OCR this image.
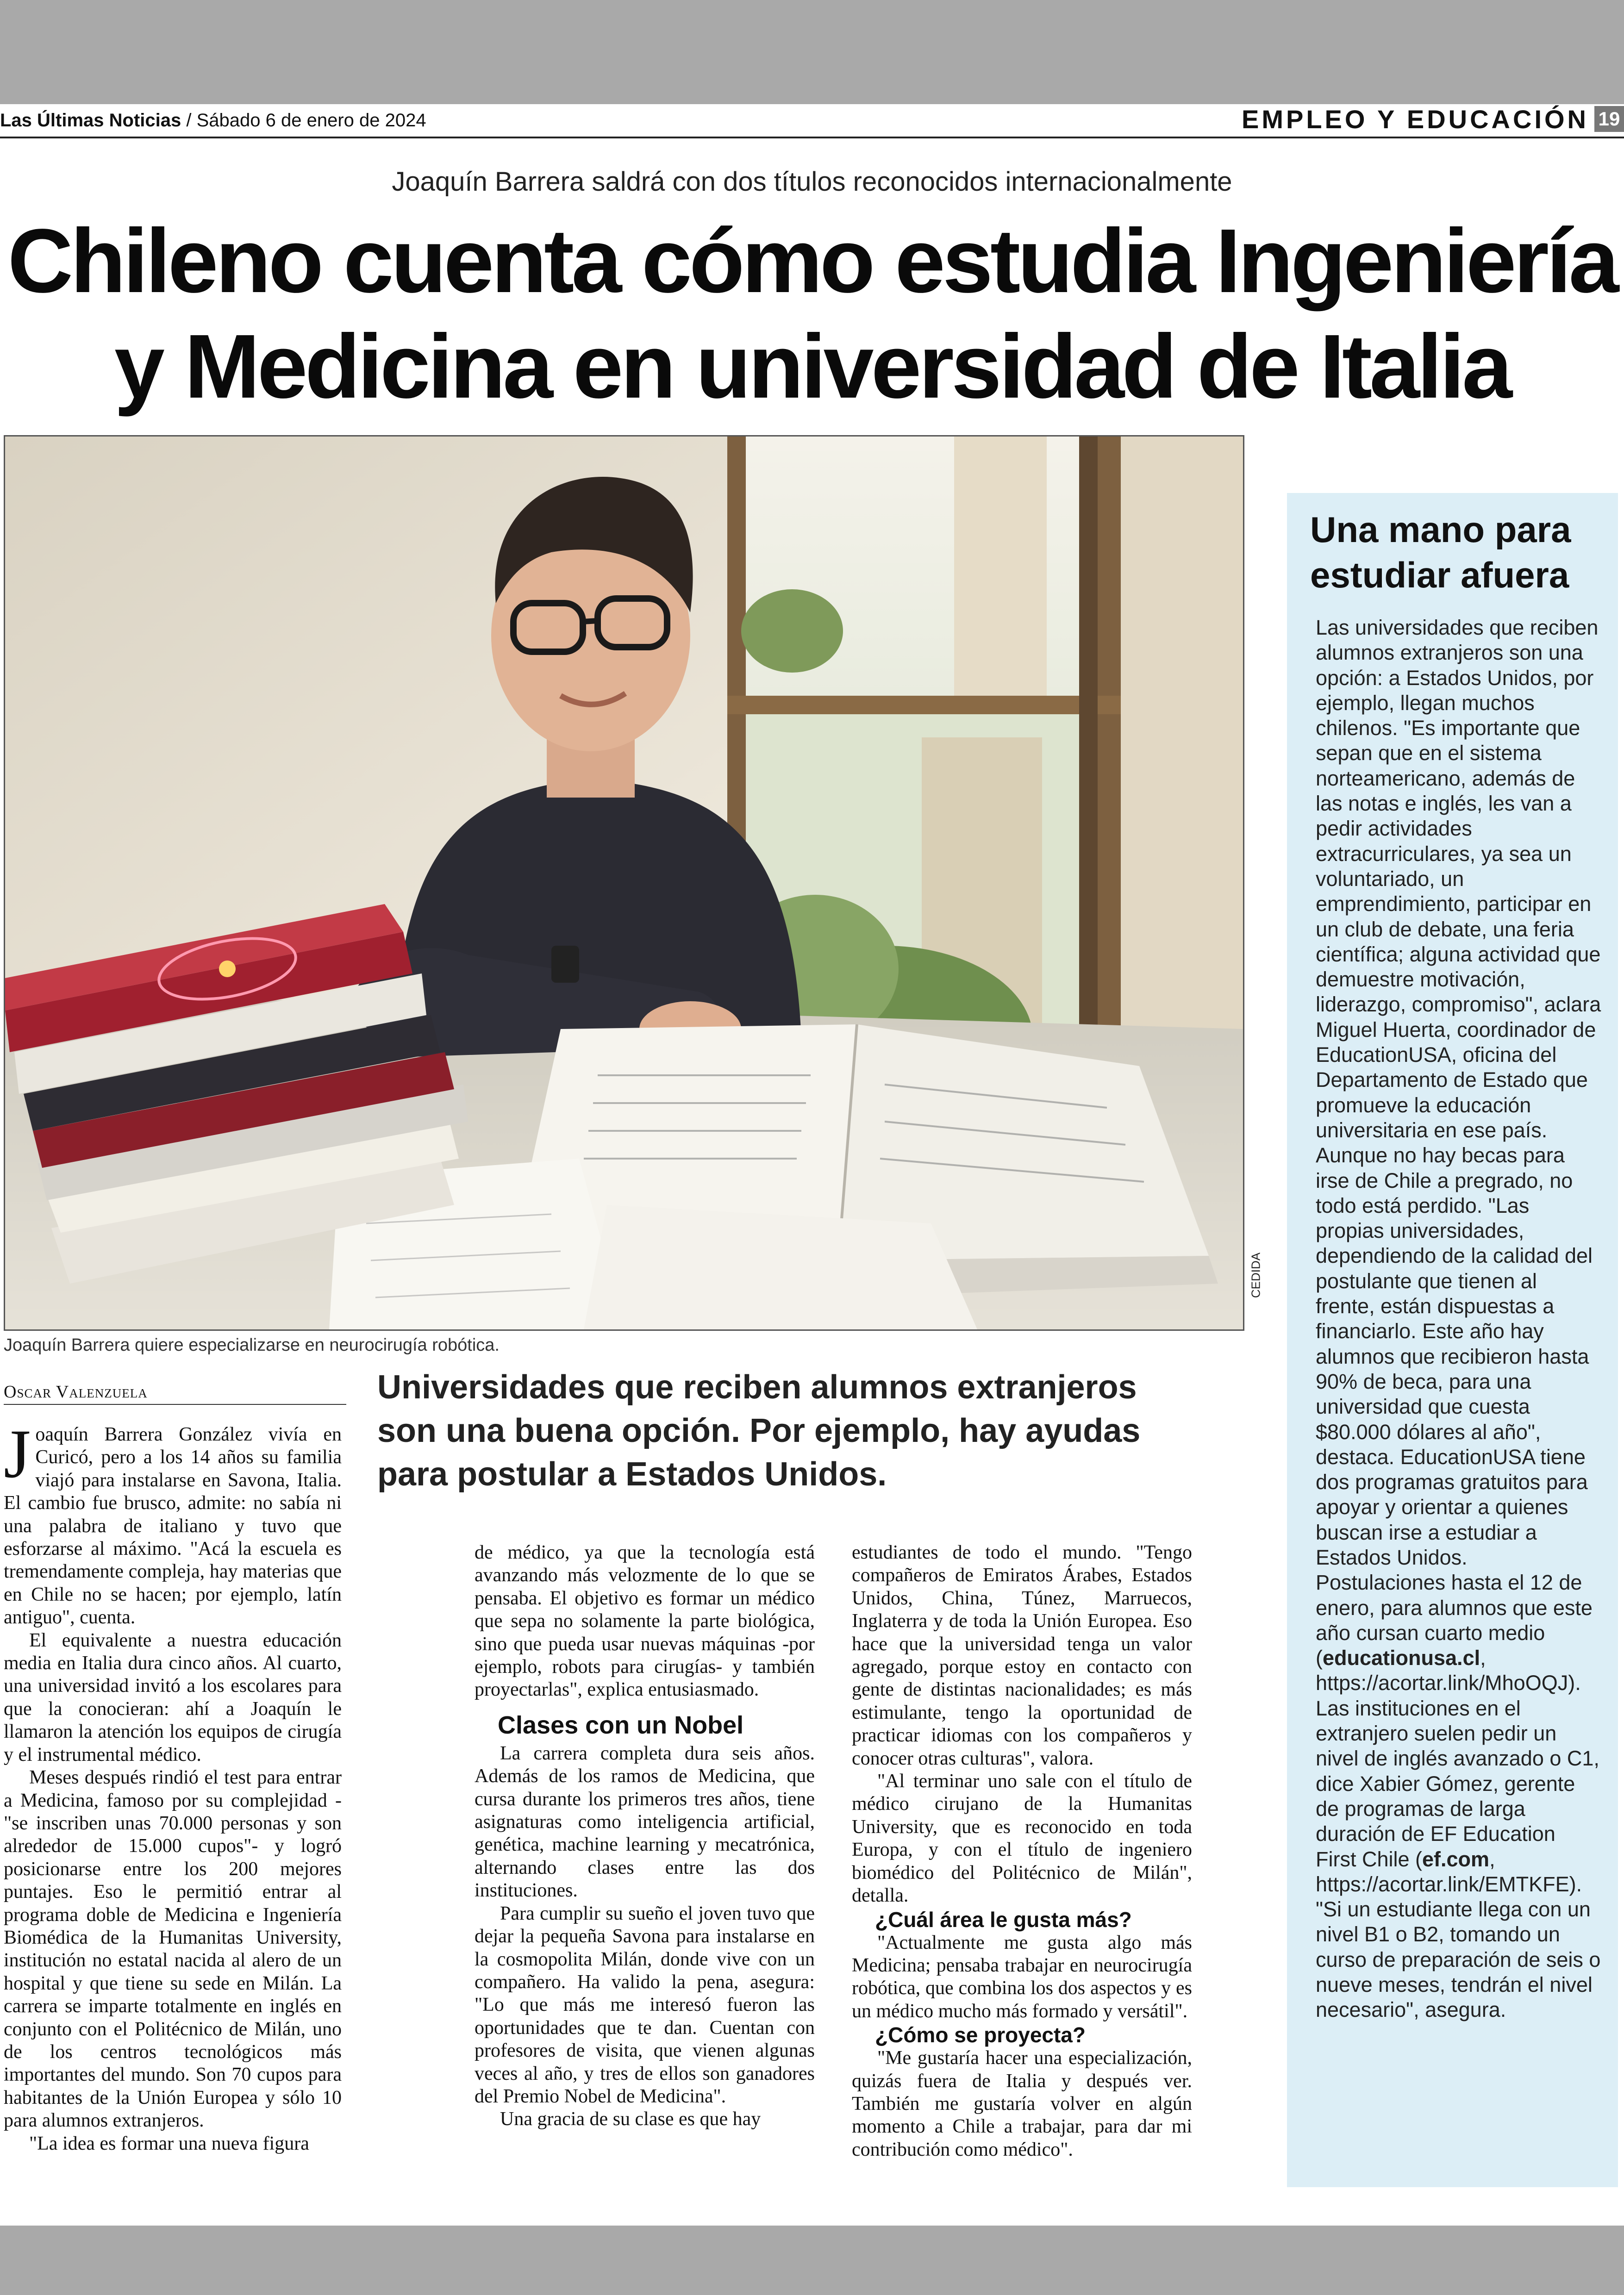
Las Últimas Noticias / Sábado 6 de enero de 2024	EMPLEO Y EDUCACIÓN 19
Joaquín Barrera saldrá con dos títulos reconocidos internacionalmente
Chileno cuenta cómo estudia Ingeniería
y Medicina en universidad de Italia
CEDIDA
Joaquín Barrera quiere especializarse en neurocirugía robótica.
Oscar Valenzuela	Universidades que reciben alumnos extranjeros son una buena opción. Por ejemplo, hay ayudas para postular a Estados Unidos.

Joaquín Barrera González vivía en Curicó, pero a los 14 años su familia viajó para instalarse en Savona, Italia. El cambio fue brusco, admite: no sabía ni una palabra de italiano y tuvo que esforzarse al máximo. "Acá la escuela es tremendamente compleja, hay materias que en Chile no se hacen; por ejemplo, latín antiguo", cuenta.

El equivalente a nuestra educación media en Italia dura cinco años. Al cuarto, una universidad invitó a los escolares para que la conocieran: ahí a Joaquín le llamaron la atención los equipos de cirugía y el instrumental médico.

Meses después rindió el test para entrar a Medicina, famoso por su complejidad -"se inscriben unas 70.000 personas y son alrededor de 15.000 cupos"- y logró posicionarse entre los 200 mejores puntajes. Eso le permitió entrar al programa doble de Medicina e Ingeniería Biomédica de la Humanitas University, institución no estatal nacida al alero de un hospital y que tiene su sede en Milán. La carrera se imparte totalmente en inglés en conjunto con el Politécnico de Milán, uno de los centros tecnológicos más importantes del mundo. Son 70 cupos para habitantes de la Unión Europea y sólo 10 para alumnos extranjeros.

"La idea es formar una nueva figura

de médico, ya que la tecnología está avanzando más velozmente de lo que se pensaba. El objetivo es formar un médico que sepa no solamente la parte biológica, sino que pueda usar nuevas máquinas -por ejemplo, robots para cirugías- y también proyectarlas", explica entusiasmado.

Clases con un Nobel

La carrera completa dura seis años. Además de los ramos de Medicina, que cursa durante los primeros tres años, tiene asignaturas como inteligencia artificial, genética, machine learning y mecatrónica, alternando clases entre las dos instituciones.

Para cumplir su sueño el joven tuvo que dejar la pequeña Savona para instalarse en la cosmopolita Milán, donde vive con un compañero. Ha valido la pena, asegura: "Lo que más me interesó fueron las oportunidades que te dan. Cuentan con profesores de visita, que vienen algunas veces al año, y tres de ellos son ganadores del Premio Nobel de Medicina".

Una gracia de su clase es que hay

estudiantes de todo el mundo. "Tengo compañeros de Emiratos Árabes, Estados Unidos, China, Túnez, Marruecos, Inglaterra y de toda la Unión Europea. Eso hace que la universidad tenga un valor agregado, porque estoy en contacto con gente de distintas nacionalidades; es más estimulante, tengo la oportunidad de practicar idiomas con los compañeros y conocer otras culturas", valora.

"Al terminar uno sale con el título de médico cirujano de la Humanitas University, que es reconocido en toda Europa, y con el título de ingeniero biomédico del Politécnico de Milán", detalla.

¿Cuál área le gusta más?

"Actualmente me gusta algo más Medicina; pensaba trabajar en neurocirugía robótica, que combina los dos aspectos y es un médico mucho más formado y versátil".

¿Cómo se proyecta?

"Me gustaría hacer una especialización, quizás fuera de Italia y después ver. También me gustaría volver en algún momento a Chile a trabajar, para dar mi contribución como médico".

Una mano para estudiar afuera
Las universidades que reciben alumnos extranjeros son una opción: a Estados Unidos, por ejemplo, llegan muchos chilenos. "Es importante que sepan que en el sistema norteamericano, además de las notas e inglés, les van a pedir actividades extracurriculares, ya sea un voluntariado, un emprendimiento, participar en un club de debate, una feria científica; alguna actividad que demuestre motivación, liderazgo, compromiso", aclara Miguel Huerta, coordinador de EducationUSA, oficina del Departamento de Estado que promueve la educación universitaria en ese país. Aunque no hay becas para irse de Chile a pregrado, no todo está perdido. "Las propias universidades, dependiendo de la calidad del postulante que tienen al frente, están dispuestas a financiarlo. Este año hay alumnos que recibieron hasta 90% de beca, para una universidad que cuesta $80.000 dólares al año", destaca. EducationUSA tiene dos programas gratuitos para apoyar y orientar a quienes buscan irse a estudiar a Estados Unidos. Postulaciones hasta el 12 de enero, para alumnos que este año cursan cuarto medio (educationusa.cl, https://acortar.link/MhoOQJ). Las instituciones en el extranjero suelen pedir un nivel de inglés avanzado o C1, dice Xabier Gómez, gerente de programas de larga duración de EF Education First Chile (ef.com, https://acortar.link/EMTKFE). "Si un estudiante llega con un nivel B1 o B2, tomando un curso de preparación de seis o nueve meses, tendrán el nivel necesario", asegura.
